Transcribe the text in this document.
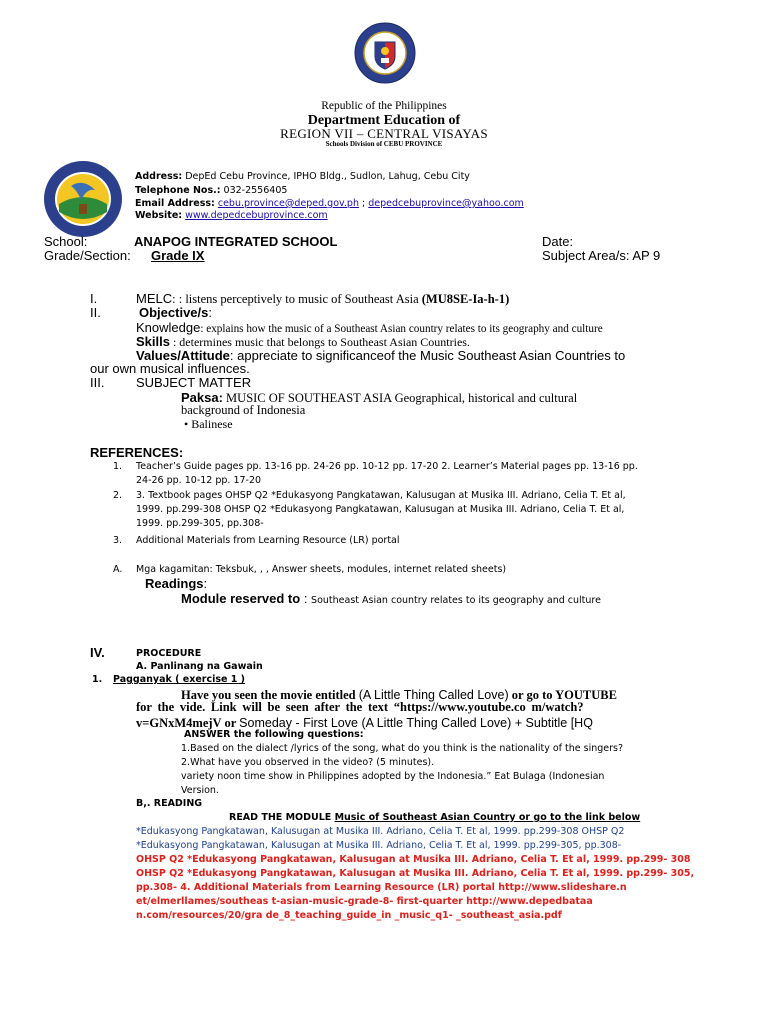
Republic of the Philippines
Department Education of
REGION VII – CENTRAL VISAYAS
Schools Division of CEBU PROVINCE
Address: DepEd Cebu Province, IPHO Bldg., Sudlon, Lahug, Cebu City
Telephone Nos.: 032-2556405
Email Address: cebu.province@deped.gov.ph ; depedcebuprovince@yahoo.com
Website: www.depedcebuprovince.com
School:	ANAPOG INTEGRATED SCHOOL	Date:
Grade/Section: Grade IX	Subject Area/s: AP 9
I.	MELC: : listens perceptively to music of Southeast Asia (MU8SE-Ia-h-1)
II.	Objective/s:
Knowledge: explains how the music of a Southeast Asian country relates to its geography and culture
Skills : determines music that belongs to Southeast Asian Countries.
Values/Attitude: appreciate to significanceof the Music Southeast Asian Countries to
our own musical influences.
III. SUBJECT MATTER
Paksa: MUSIC OF SOUTHEAST ASIA Geographical, historical and cultural
background of Indonesia
• Balinese
REFERENCES:
1. Teacher’s Guide pages pp. 13-16 pp. 24-26 pp. 10-12 pp. 17-20 2. Learner’s Material pages pp. 13-16 pp.
24-26 pp. 10-12 pp. 17-20
2. 3. Textbook pages OHSP Q2 *Edukasyong Pangkatawan, Kalusugan at Musika III. Adriano, Celia T. Et al,
1999. pp.299-308 OHSP Q2 *Edukasyong Pangkatawan, Kalusugan at Musika III. Adriano, Celia T. Et al,
1999. pp.299-305, pp.308-
3. Additional Materials from Learning Resource (LR) portal
A. Mga kagamitan: Teksbuk, , , Answer sheets, modules, internet related sheets)
Readings:
Module reserved to : Southeast Asian country relates to its geography and culture
IV.	PROCEDURE
A. Panlinang na Gawain
1. Pagganyak ( exercise 1 )
Have you seen the movie entitled (A Little Thing Called Love) or go to YOUTUBE
for the vide. Link will be seen after the text “https://www.youtube.co m/watch?
v=GNxM4mejV or Someday - First Love (A Little Thing Called Love) + Subtitle [HQ
ANSWER the following questions:
1.Based on the dialect /lyrics of the song, what do you think is the nationality of the singers?
2.What have you observed in the video? (5 minutes).
variety noon time show in Philippines adopted by the Indonesia.” Eat Bulaga (Indonesian
Version.
B,. READING
READ THE MODULE Music of Southeast Asian Country or go to the link below
*Edukasyong Pangkatawan, Kalusugan at Musika III. Adriano, Celia T. Et al, 1999. pp.299-308 OHSP Q2
*Edukasyong Pangkatawan, Kalusugan at Musika III. Adriano, Celia T. Et al, 1999. pp.299-305, pp.308-
OHSP Q2 *Edukasyong Pangkatawan, Kalusugan at Musika III. Adriano, Celia T. Et al, 1999. pp.299- 308
OHSP Q2 *Edukasyong Pangkatawan, Kalusugan at Musika III. Adriano, Celia T. Et al, 1999. pp.299- 305,
pp.308- 4. Additional Materials from Learning Resource (LR) portal http://www.slideshare.n
et/elmerllames/southeas t-asian-music-grade-8- first-quarter http://www.depedbataa
n.com/resources/20/gra de_8_teaching_guide_in _music_q1- _southeast_asia.pdf
